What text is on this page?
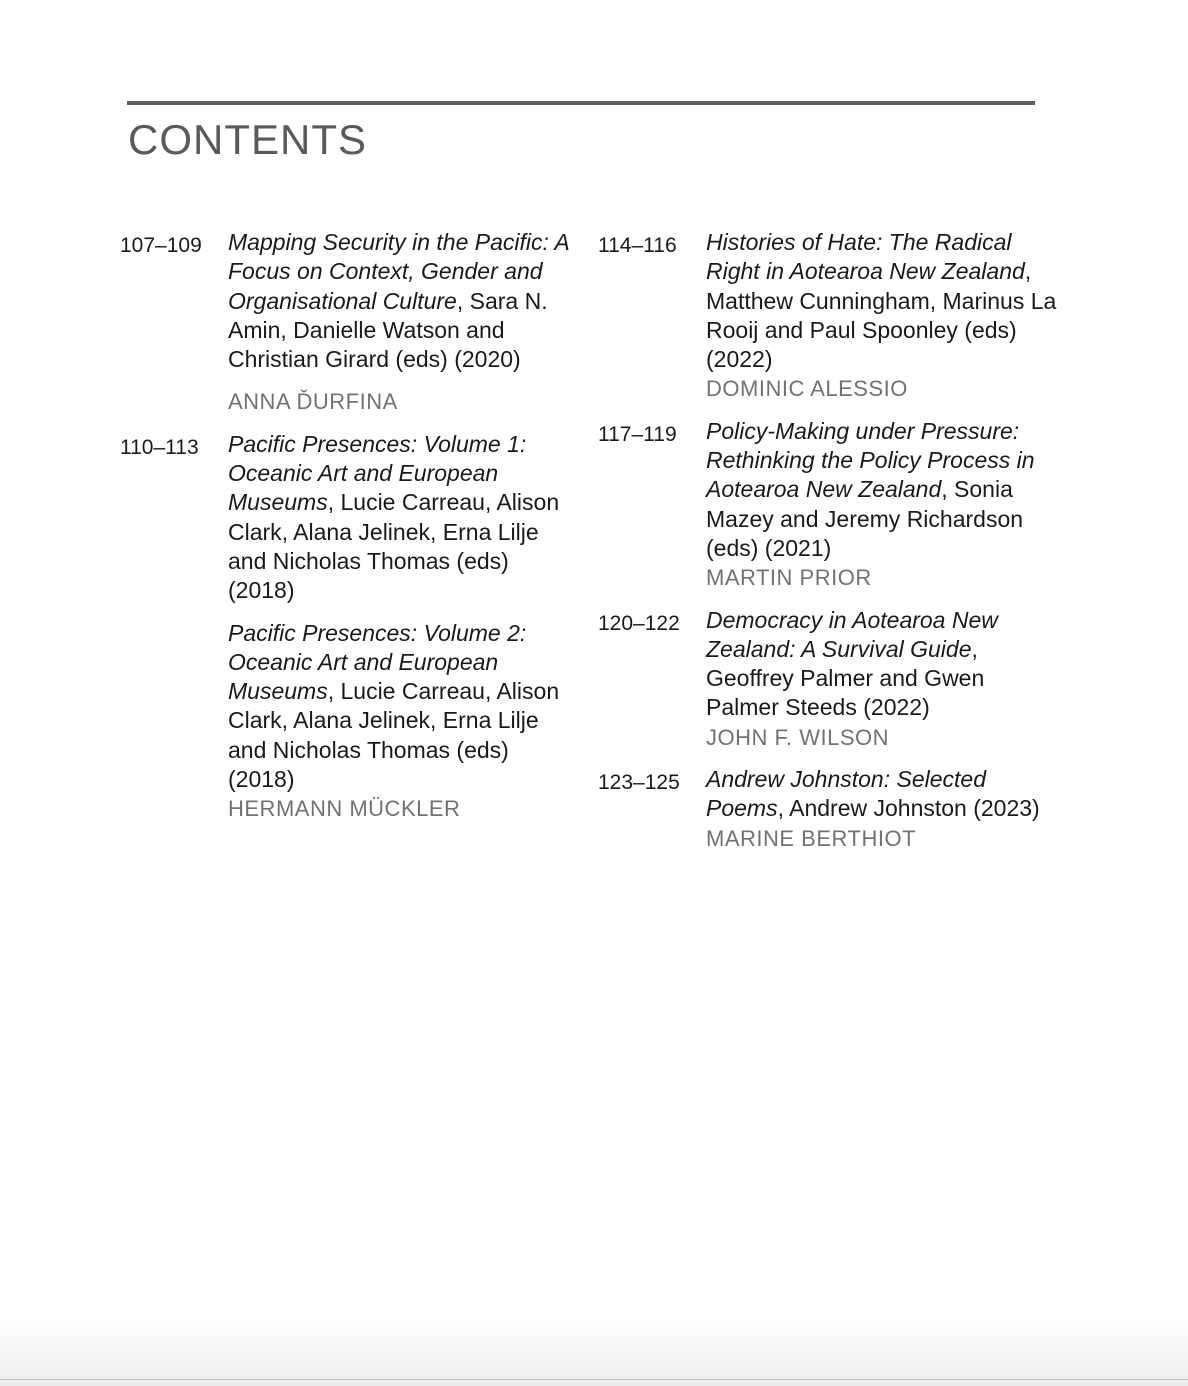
CONTENTS
107–109 Mapping Security in the Pacific: A Focus on Context, Gender and Organisational Culture, Sara N. Amin, Danielle Watson and Christian Girard (eds) (2020)
ANNA ĎURFINA
110–113 Pacific Presences: Volume 1: Oceanic Art and European Museums, Lucie Carreau, Alison Clark, Alana Jelinek, Erna Lilje and Nicholas Thomas (eds) (2018)
Pacific Presences: Volume 2: Oceanic Art and European Museums, Lucie Carreau, Alison Clark, Alana Jelinek, Erna Lilje and Nicholas Thomas (eds) (2018)
HERMANN MÜCKLER
114–116 Histories of Hate: The Radical Right in Aotearoa New Zealand, Matthew Cunningham, Marinus La Rooij and Paul Spoonley (eds) (2022)
DOMINIC ALESSIO
117–119 Policy-Making under Pressure: Rethinking the Policy Process in Aotearoa New Zealand, Sonia Mazey and Jeremy Richardson (eds) (2021)
MARTIN PRIOR
120–122 Democracy in Aotearoa New Zealand: A Survival Guide, Geoffrey Palmer and Gwen Palmer Steeds (2022)
JOHN F. WILSON
123–125 Andrew Johnston: Selected Poems, Andrew Johnston (2023)
MARINE BERTHIOT
